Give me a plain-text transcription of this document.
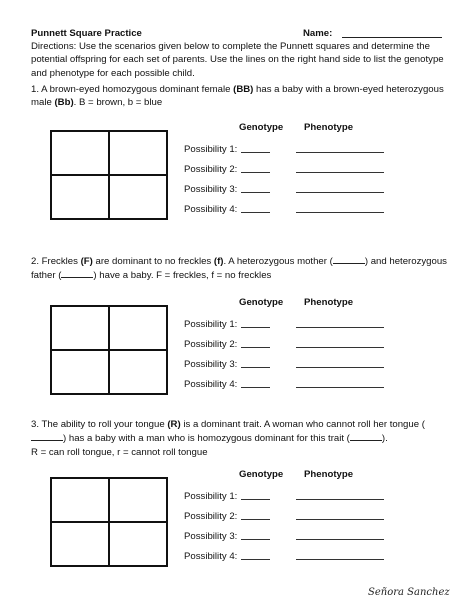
Punnett Square Practice	Name:
Directions: Use the scenarios given below to complete the Punnett squares and determine the potential offspring for each set of parents. Use the lines on the right hand side to list the genotype and phenotype for each possible child.
1. A brown-eyed homozygous dominant female (BB) has a baby with a brown-eyed heterozygous male (Bb). B = brown, b = blue
Genotype Phenotype
Possibility 1:
Possibility 2:
Possibility 3:
Possibility 4:
2. Freckles (F) are dominant to no freckles (f). A heterozygous mother (	) and heterozygous father (	) have a baby. F = freckles, f = no freckles
Genotype Phenotype
Possibility 1:
Possibility 2:
Possibility 3:
Possibility 4:
3. The ability to roll your tongue (R) is a dominant trait. A woman who cannot roll her tongue () has a baby with a man who is homozygous dominant for this trait (	).
R = can roll tongue, r = cannot roll tongue
Genotype Phenotype
Possibility 1:
Possibility 2:
Possibility 3:
Possibility 4:
Señora Sanchez
